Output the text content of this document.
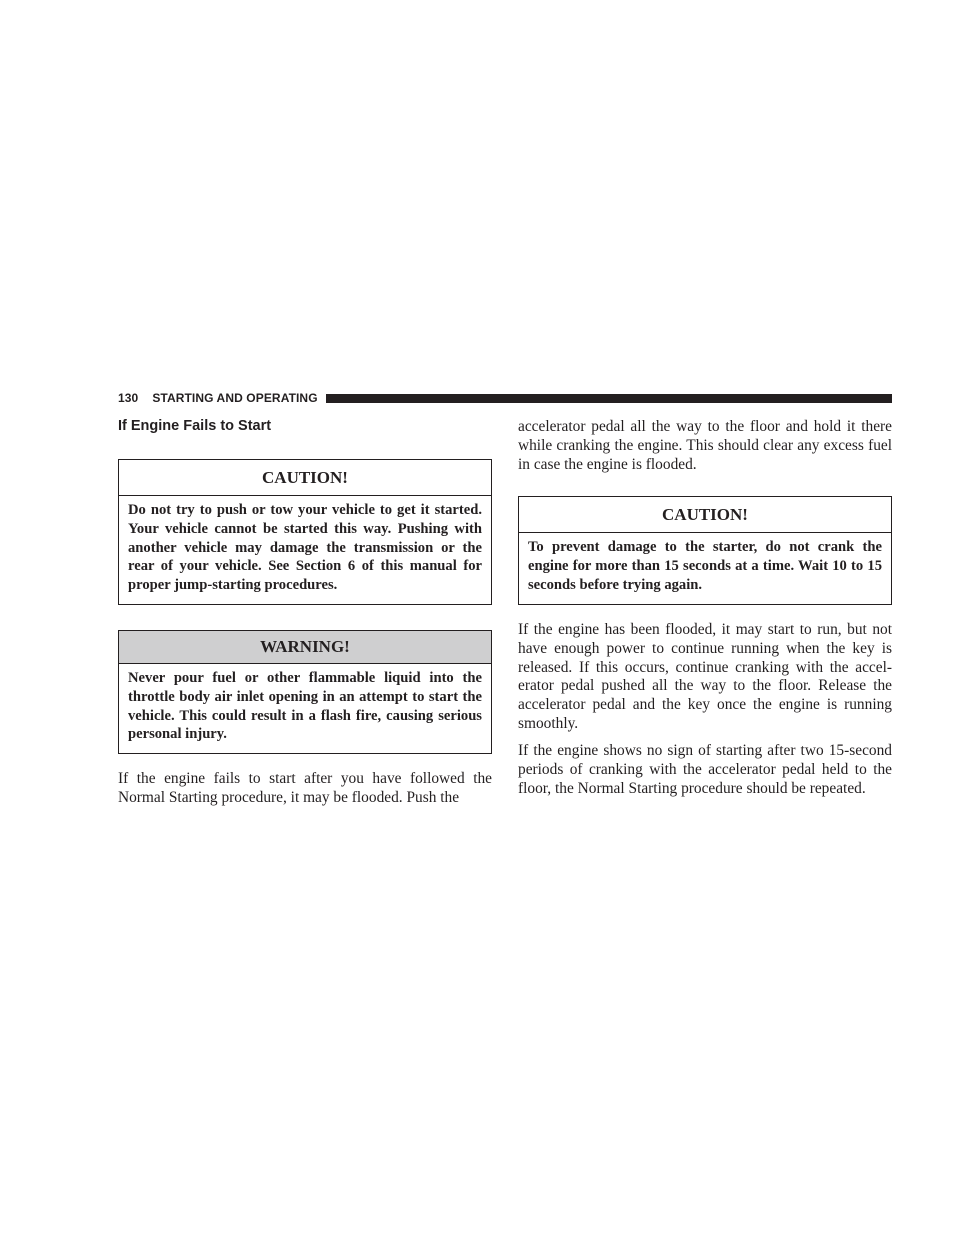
130 STARTING AND OPERATING
If Engine Fails to Start
CAUTION!
Do not try to push or tow your vehicle to get it started. Your vehicle cannot be started this way. Pushing with another vehicle may damage the transmission or the rear of your vehicle. See Section 6 of this manual for proper jump-starting procedures.
WARNING!
Never pour fuel or other flammable liquid into the throttle body air inlet opening in an attempt to start the vehicle. This could result in a flash fire, causing serious personal injury.
If the engine fails to start after you have followed the Normal Starting procedure, it may be flooded. Push the
accelerator pedal all the way to the floor and hold it there while cranking the engine. This should clear any excess fuel in case the engine is flooded.
CAUTION!
To prevent damage to the starter, do not crank the engine for more than 15 seconds at a time. Wait 10 to 15 seconds before trying again.
If the engine has been flooded, it may start to run, but not have enough power to continue running when the key is released. If this occurs, continue cranking with the accelerator pedal pushed all the way to the floor. Release the accelerator pedal and the key once the engine is running smoothly.
If the engine shows no sign of starting after two 15-second periods of cranking with the accelerator pedal held to the floor, the Normal Starting procedure should be repeated.
